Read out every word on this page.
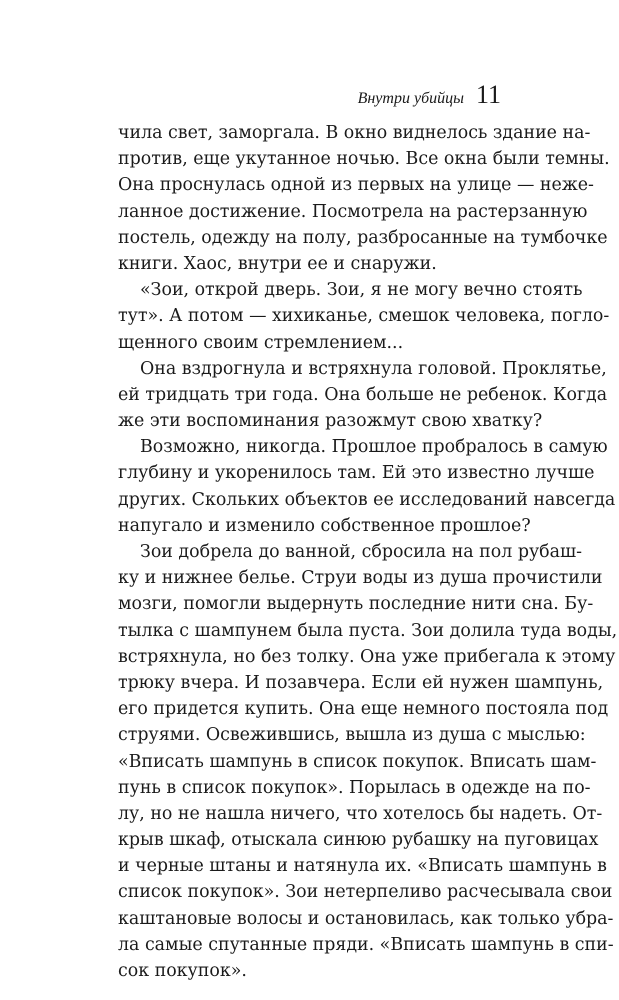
Внутри убийцы 11
чила свет, заморгала. В окно виднелось здание на-
против, еще укутанное ночью. Все окна были темны.
Она проснулась одной из первых на улице — неже-
ланное достижение. Посмотрела на растерзанную
постель, одежду на полу, разбросанные на тумбочке
книги. Хаос, внутри ее и снаружи.
«Зои, открой дверь. Зои, я не могу вечно стоять
тут». А потом — хихиканье, смешок человека, погло-
щенного своим стремлением...
Она вздрогнула и встряхнула головой. Проклятье,
ей тридцать три года. Она больше не ребенок. Когда
же эти воспоминания разожмут свою хватку?
Возможно, никогда. Прошлое пробралось в самую
глубину и укоренилось там. Ей это известно лучше
других. Скольких объектов ее исследований навсегда
напугало и изменило собственное прошлое?
Зои добрела до ванной, сбросила на пол рубаш-
ку и нижнее белье. Струи воды из душа прочистили
мозги, помогли выдернуть последние нити сна. Бу-
тылка с шампунем была пуста. Зои долила туда воды,
встряхнула, но без толку. Она уже прибегала к этому
трюку вчера. И позавчера. Если ей нужен шампунь,
его придется купить. Она еще немного постояла под
струями. Освежившись, вышла из душа с мыслью:
«Вписать шампунь в список покупок. Вписать шам-
пунь в список покупок». Порылась в одежде на по-
лу, но не нашла ничего, что хотелось бы надеть. От-
крыв шкаф, отыскала синюю рубашку на пуговицах
и черные штаны и натянула их. «Вписать шампунь в
список покупок». Зои нетерпеливо расчесывала свои
каштановые волосы и остановилась, как только убра-
ла самые спутанные пряди. «Вписать шампунь в спи-
сок покупок».
